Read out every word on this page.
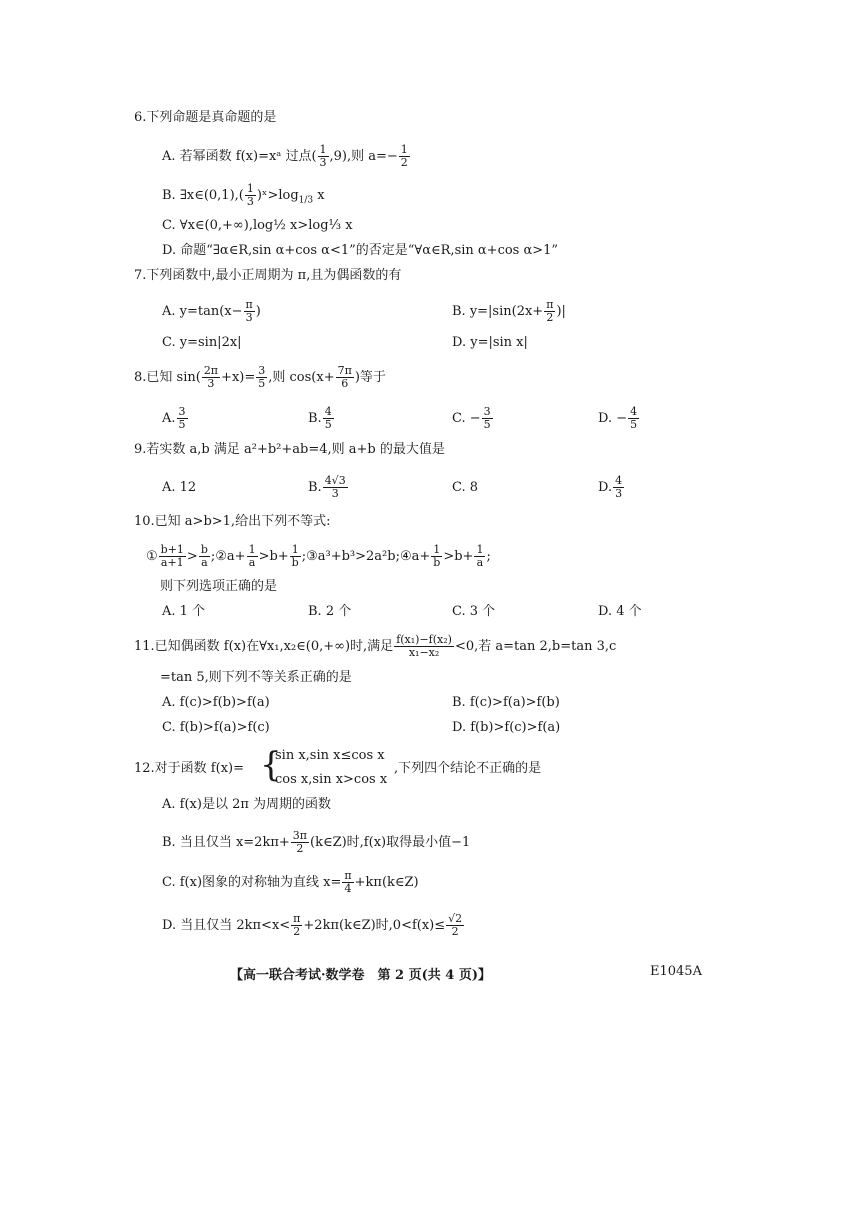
6.下列命题是真命题的是
A. 若幂函数 f(x)=xᵃ 过点( $\frac{1}{3} ,9$),则 $a=- \frac{1}{2}$
B. ∃x∈(0,1),( $\frac{1}{3}$ )$ˣ>\log_{1/3}$ x
C. ∀x∈(0,+∞),log½ x>log⅓ x
D. 命题“∃α∈R,sin α+cos α<1”的否定是“∀α∈R,sin α+cos α>1”
7.下列函数中,最小正周期为 π,且为偶函数的有
A. $y=\tan(x- \frac{\pi}{3}$ )	B. $y=|\sin(2x+ \frac{\pi}{2}$ )|
C. y=sin|2x|	D. y=|sin x|
8.已知 $\sin( \frac{2\pi}{3} +x)= \frac{3}{5}$ ,则 $\cos(x+ \frac{7\pi}{6}$ )等于
A. $\frac{3}{5}$	B. $\frac{4}{5}$	C. − $\frac{3}{5}$	D. − $\frac{4}{5}$
9.若实数 a,b 满足 a²+b²+ab=4,则 a+b 的最大值是
A. 12	B. $\frac{4√3}{3}$	C. 8	D. $\frac{4}{3}$
10.已知 a>b>1,给出下列不等式:
① $\frac{b+1}{a+1} > \frac{b}{a}$ ;②a+ $\frac{1}{a} >b+ \frac{1}{b}$ ;③a³+b³>2a²b;④a+ $\frac{1}{b} >b+ \frac{1}{a}$ ;
则下列选项正确的是
A. 1 个	B. 2 个	C. 3 个	D. 4 个
11.已知偶函数 f(x)在∀x₁,x₂∈(0,+∞)时,满足 $\frac{\text{f(x₁)−f(x₂)}}{\text{x₁−x₂}} <0$,若 a=tan 2,b=tan 3,c
=tan 5,则下列不等关系正确的是
A. f(c)>f(b)>f(a)	B. f(c)>f(a)>f(b)
C. f(b)>f(a)>f(c)	D. f(b)>f(c)>f(a)
12.对于函数 f(x)= {
sin x,sin x≤cos x
cos x,sin x>cos x
,下列四个结论不正确的是
A. f(x)是以 2π 为周期的函数
B. 当且仅当 $x=2k\pi+ \frac{3\pi}{2}$ (k∈Z)时,f(x)取得最小值−1
C. f(x)图象的对称轴为直线 $x= \frac{\pi}{4}$ +kπ(k∈Z)
D. 当且仅当 $2k\pi<x< \frac{\pi}{2}$ +2kπ(k∈Z)时$,0<f(x)\le \frac{√2}{2}$
【高一联合考试·数学卷　第 2 页(共 4 页)】	E1045A
